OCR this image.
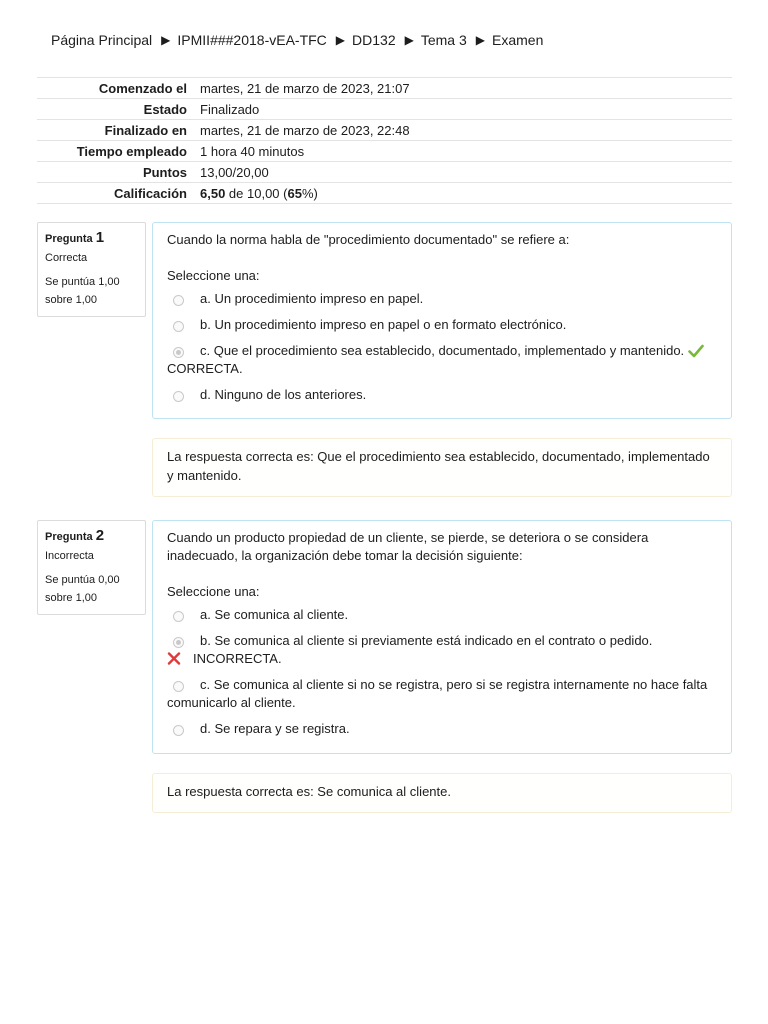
Página Principal ▶ IPMII###2018-vEA-TFC ▶ DD132 ▶ Tema 3 ▶ Examen
Comenzado el	martes, 21 de marzo de 2023, 21:07
Estado	Finalizado
Finalizado en	martes, 21 de marzo de 2023, 22:48
Tiempo empleado	1 hora 40 minutos
Puntos	13,00/20,00
Calificación	6,50 de 10,00 (65%)
Pregunta 1
Correcta
Se puntúa 1,00 sobre 1,00
Cuando la norma habla de "procedimiento documentado" se refiere a:
Seleccione una:
a. Un procedimiento impreso en papel.
b. Un procedimiento impreso en papel o en formato electrónico.
c. Que el procedimiento sea establecido, documentado, implementado y mantenido.CORRECTA.
d. Ninguno de los anteriores.
La respuesta correcta es: Que el procedimiento sea establecido, documentado, implementado y mantenido.
Pregunta 2
Incorrecta
Se puntúa 0,00 sobre 1,00
Cuando un producto propiedad de un cliente, se pierde, se deteriora o se considera inadecuado, la organización debe tomar la decisión siguiente:
Seleccione una:
a. Se comunica al cliente.
b. Se comunica al cliente si previamente está indicado en el contrato o pedido.
INCORRECTA.
c. Se comunica al cliente si no se registra, pero si se registra internamente no hace falta comunicarlo al cliente.
d. Se repara y se registra.
La respuesta correcta es: Se comunica al cliente.
